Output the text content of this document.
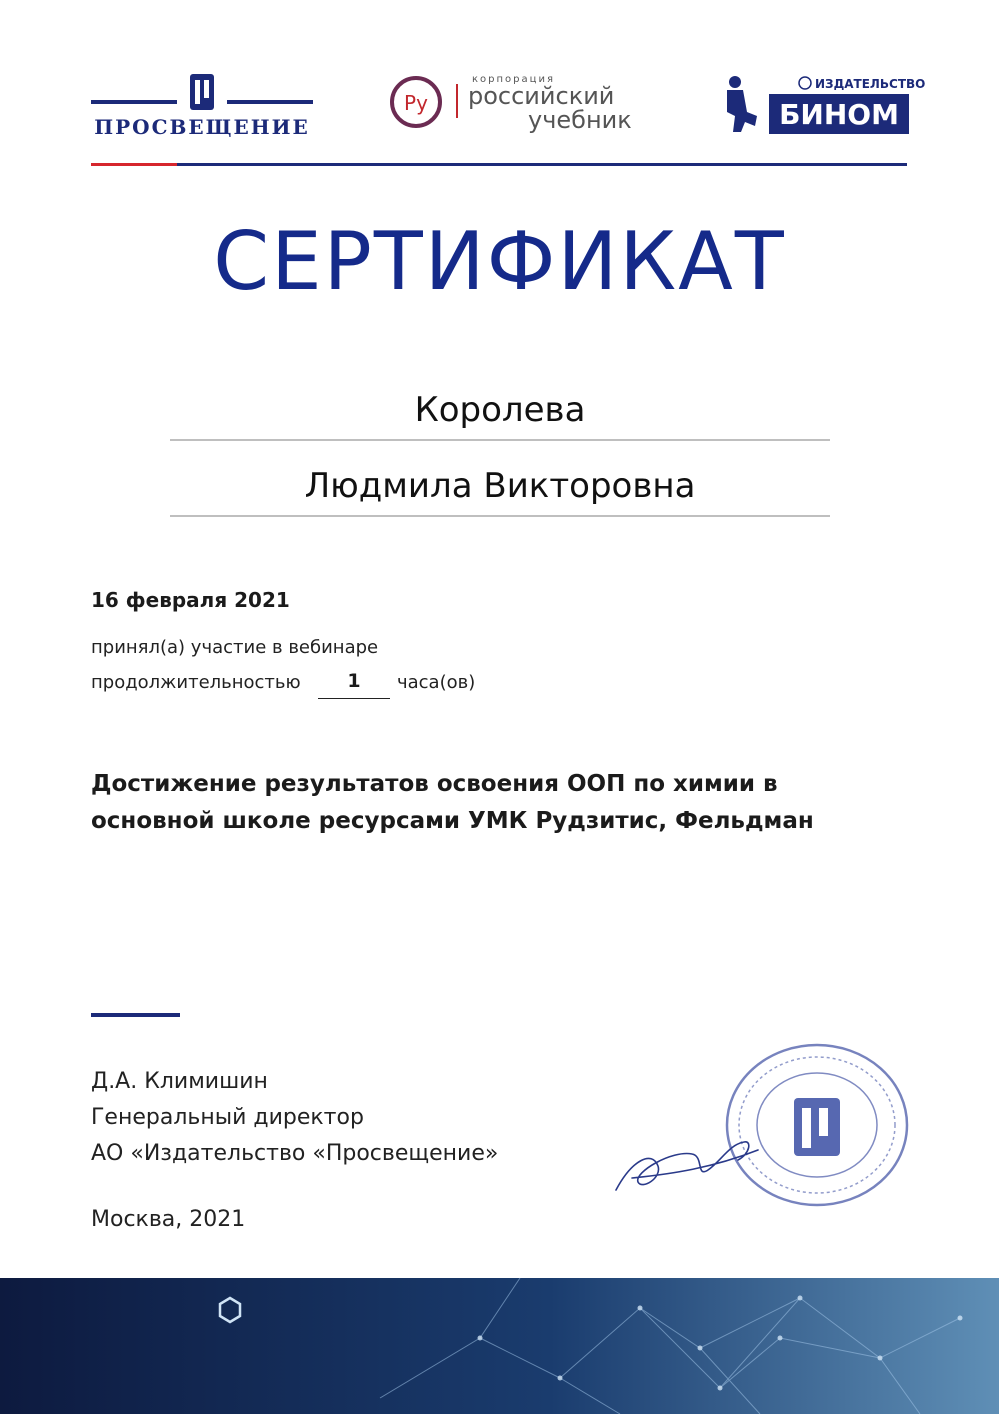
ПРОСВЕЩЕНИЕ
Ру
корпорация
российский
учебник
ИЗДАТЕЛЬСТВО
БИНОМ
СЕРТИФИКАТ
Королева
Людмила Викторовна
16 февраля 2021
принял(а) участие в вебинаре
продолжительностью	1	часа(ов)
Достижение результатов освоения ООП по химии в
основной школе ресурсами УМК Рудзитис, Фельдман
Д.А. Климишин
Генеральный директор
АО «Издательство «Просвещение»
Москва, 2021
